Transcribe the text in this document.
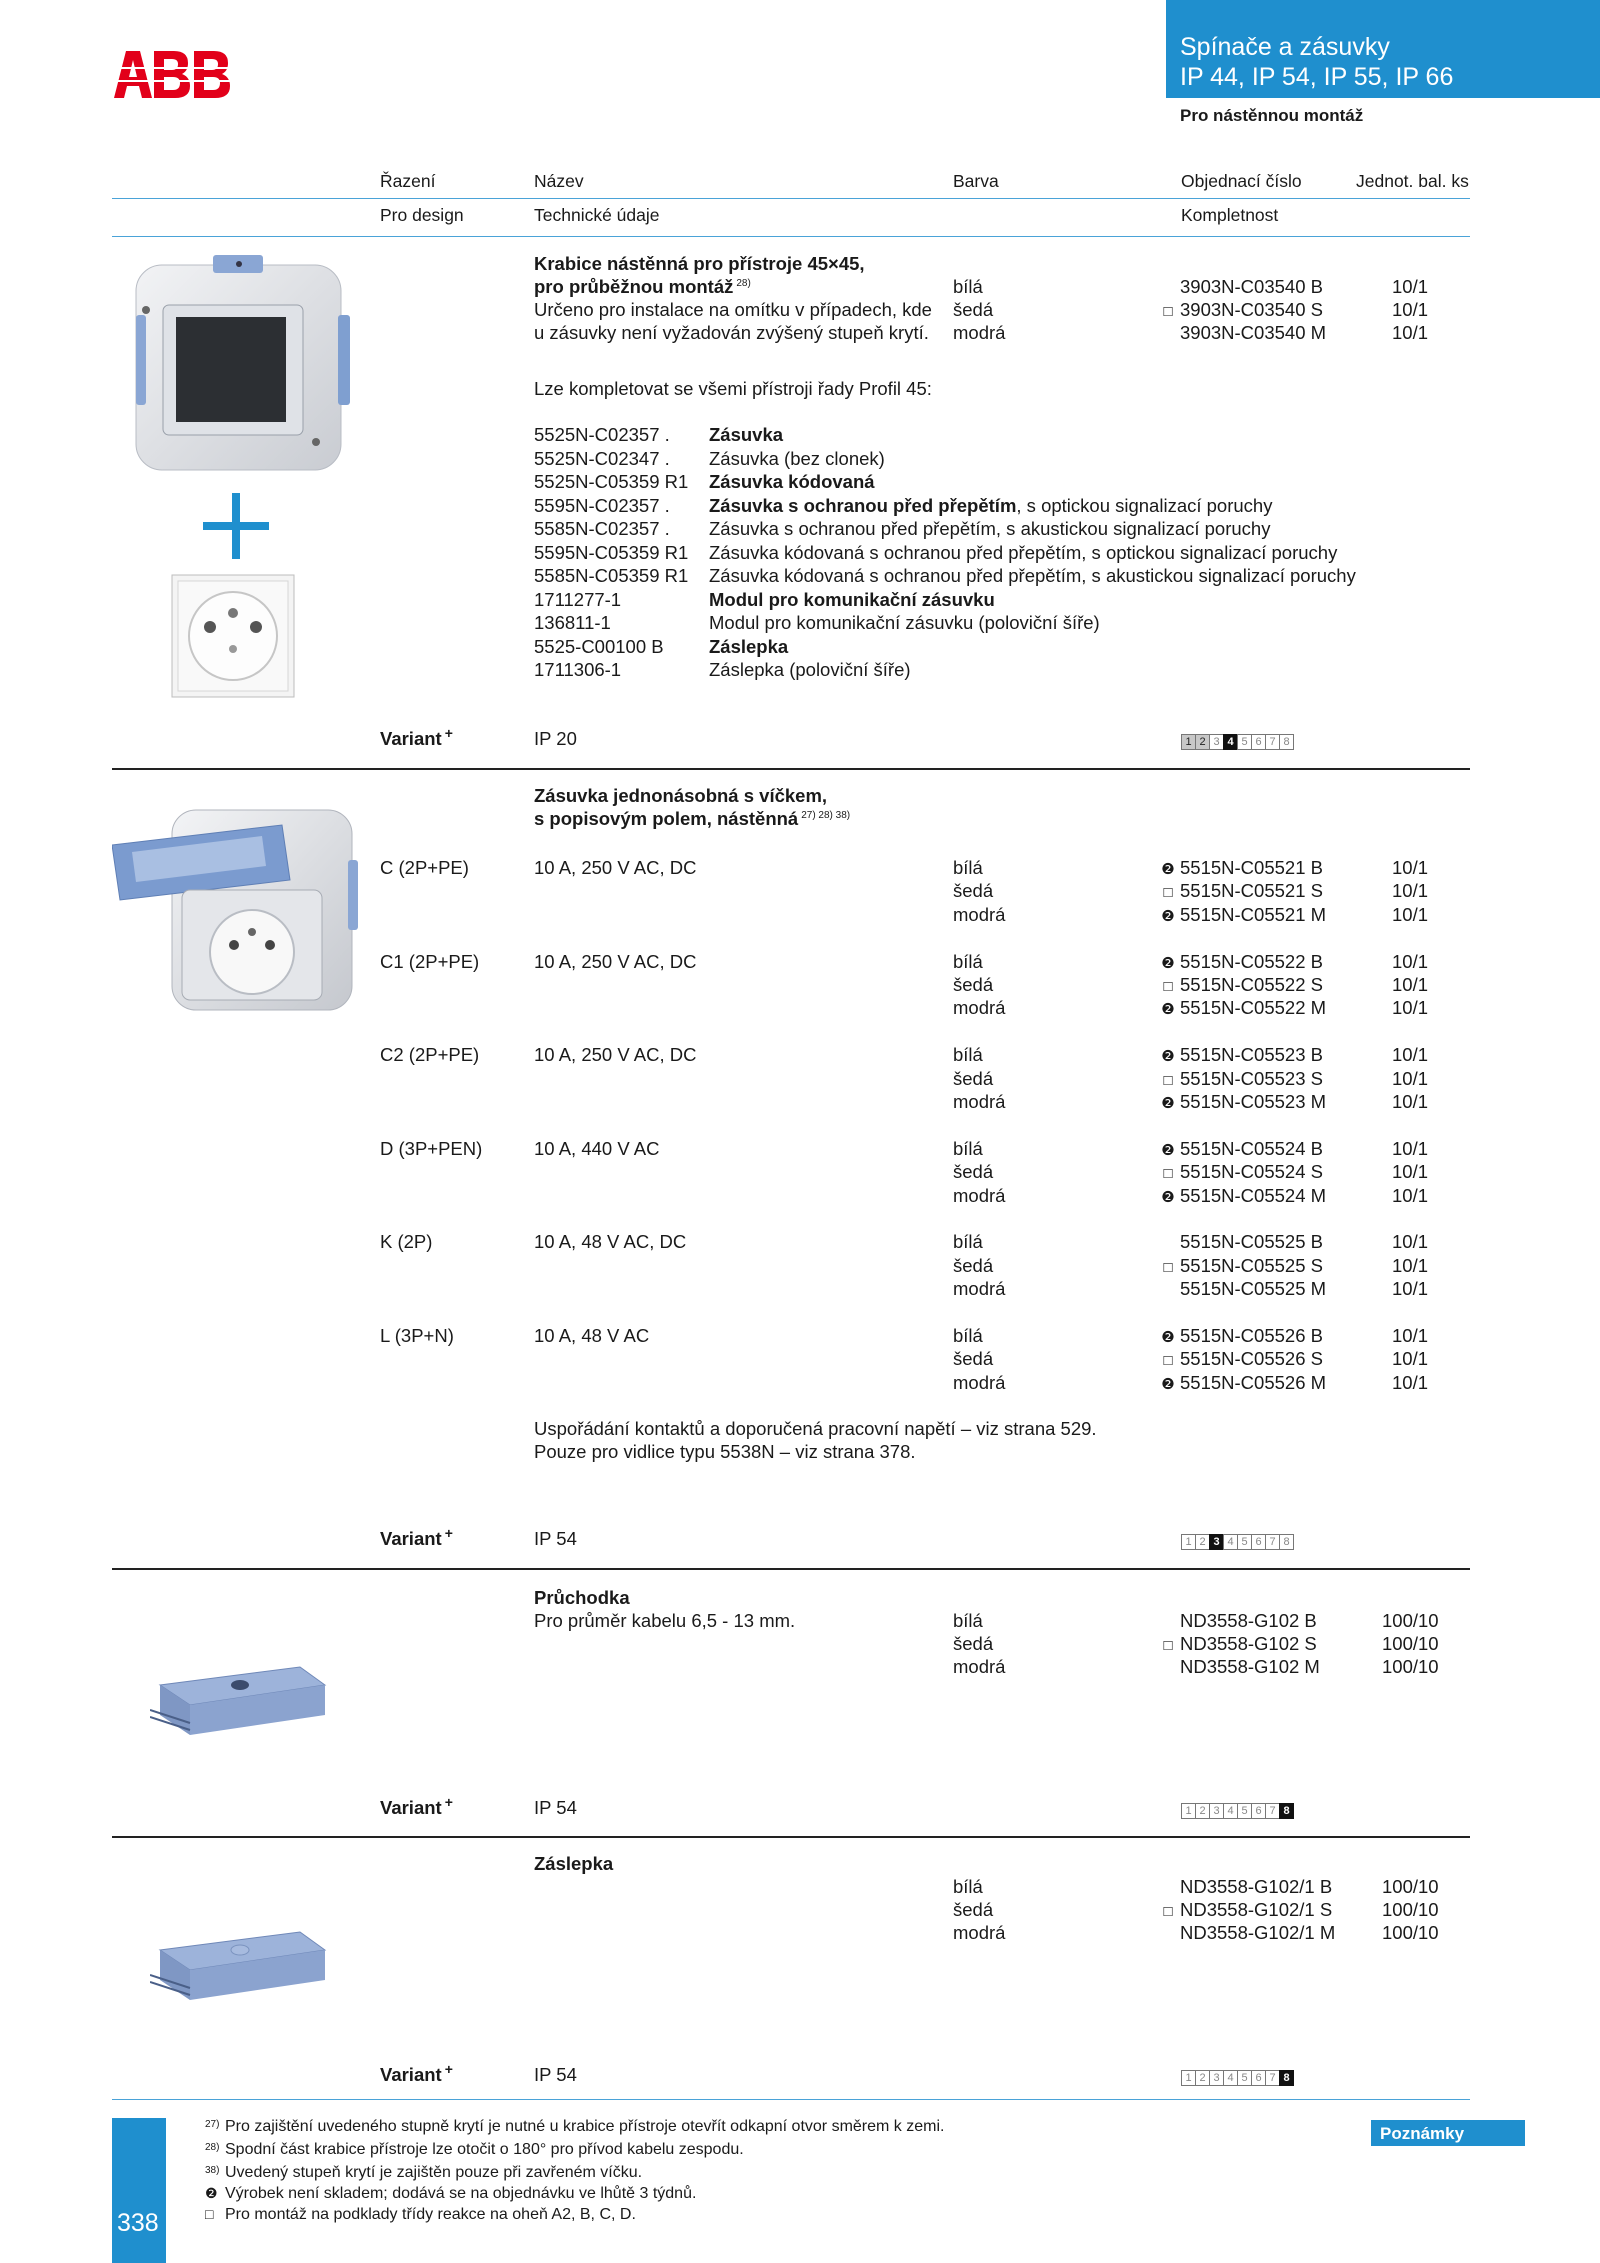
Spínače a zásuvky
IP 44, IP 54, IP 55, IP 66
Pro nástěnnou montáž
Řazení	Název	Barva	Objednací číslo	Jednot. bal. ks
Pro design	Technické údaje	Kompletnost
Krabice nástěnná pro přístroje 45×45,
pro průběžnou montáž $^{28)}$
Určeno pro instalace na omítku v případech, kde
u zásuvky není vyžadován zvýšený stupeň krytí.
bílá	3903N-C03540 B	10/1
šedá	□ 3903N-C03540 S	10/1
modrá	3903N-C03540 M	10/1
Lze kompletovat se všemi přístroji řady Profil 45:
5525N-C02357 . Zásuvka
5525N-C02347 . Zásuvka (bez clonek)
5525N-C05359 R1 Zásuvka kódovaná
5595N-C02357 . Zásuvka s ochranou před přepětím, s optickou signalizací poruchy
5585N-C02357 . Zásuvka s ochranou před přepětím, s akustickou signalizací poruchy
5595N-C05359 R1 Zásuvka kódovaná s ochranou před přepětím, s optickou signalizací poruchy
5585N-C05359 R1 Zásuvka kódovaná s ochranou před přepětím, s akustickou signalizací poruchy
1711277-1	Modul pro komunikační zásuvku
136811-1	Modul pro komunikační zásuvku (poloviční šíře)
5525-C00100 B Záslepka
1711306-1	Záslepka (poloviční šíře)
Variant +	IP 20	1 2 3 4 5 6 7 8
Zásuvka jednonásobná s víčkem,
s popisovým polem, nástěnná $^{27) 28) 38)}$
C (2P+PE)	10 A, 250 V AC, DC	bílá	❷ 5515N-C05521 B	10/1
šedá	□ 5515N-C05521 S	10/1
modrá	❷ 5515N-C05521 M	10/1
C1 (2P+PE)	10 A, 250 V AC, DC	bílá	❷ 5515N-C05522 B	10/1
šedá	□ 5515N-C05522 S	10/1
modrá	❷ 5515N-C05522 M	10/1
C2 (2P+PE)	10 A, 250 V AC, DC	bílá	❷ 5515N-C05523 B	10/1
šedá	□ 5515N-C05523 S	10/1
modrá	❷ 5515N-C05523 M	10/1
D (3P+PEN)	10 A, 440 V AC	bílá	❷ 5515N-C05524 B	10/1
šedá	□ 5515N-C05524 S	10/1
modrá	❷ 5515N-C05524 M	10/1
K (2P)	10 A, 48 V AC, DC	bílá	5515N-C05525 B	10/1
šedá	□ 5515N-C05525 S	10/1
modrá	5515N-C05525 M	10/1
L (3P+N)	10 A, 48 V AC	bílá	❷ 5515N-C05526 B	10/1
šedá	□ 5515N-C05526 S	10/1
modrá	❷ 5515N-C05526 M	10/1
Uspořádání kontaktů a doporučená pracovní napětí – viz strana 529.
Pouze pro vidlice typu 5538N – viz strana 378.
Variant +	IP 54	1 2 3 4 5 6 7 8
Průchodka
Pro průměr kabelu 6,5 - 13 mm.	bílá	ND3558-G102 B	100/10
šedá	□ ND3558-G102 S	100/10
modrá	ND3558-G102 M	100/10
Variant +	IP 54	1 2 3 4 5 6 7 8
Záslepka
bílá	ND3558-G102/1 B	100/10
šedá	□ ND3558-G102/1 S	100/10
modrá	ND3558-G102/1 M	100/10
Variant +	IP 54	1 2 3 4 5 6 7 8
338
Poznámky
27) Pro zajištění uvedeného stupně krytí je nutné u krabice přístroje otevřít odkapní otvor směrem k zemi.
28) Spodní část krabice přístroje lze otočit o 180° pro přívod kabelu zespodu.
38) Uvedený stupeň krytí je zajištěn pouze při zavřeném víčku.
❷ Výrobek není skladem; dodává se na objednávku ve lhůtě 3 týdnů.
□ Pro montáž na podklady třídy reakce na oheň A2, B, C, D.
